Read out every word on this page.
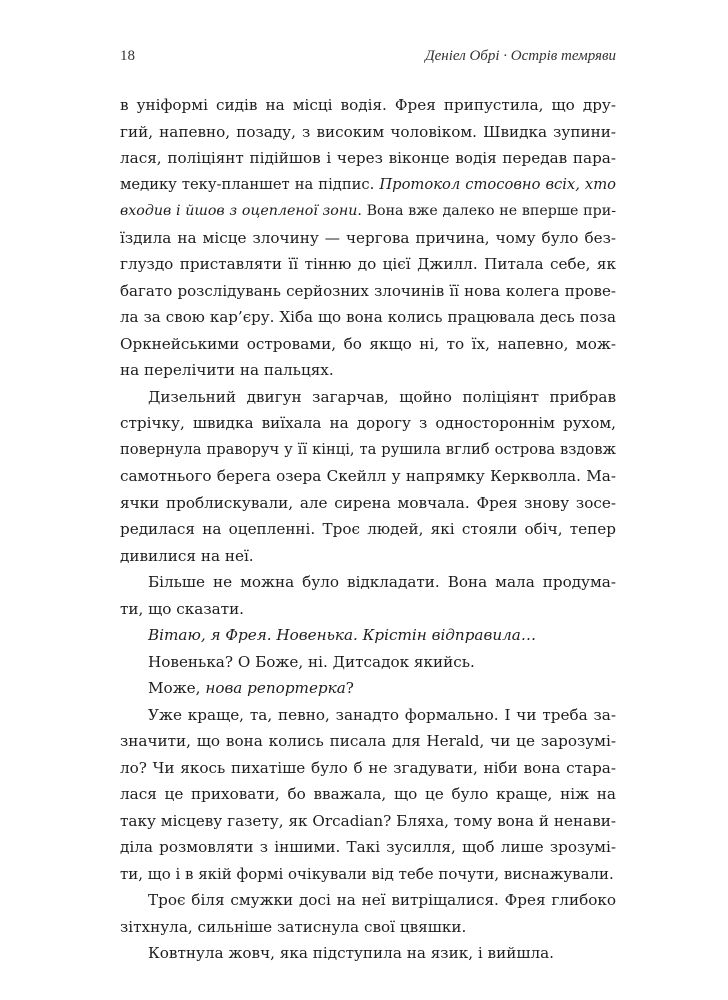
18	Деніел Обрі · Острів темряви
в уніформі сидів на місці водія. Фрея припустила, що дру-
гий, напевно, позаду, з високим чоловіком. Швидка зупини-
лася, поліціянт підійшов і через віконце водія передав пара-
медику теку-планшет на підпис. Протокол стосовно всіх, хто
входив і йшов з оцепленої зони. Вона вже далеко не вперше при-
їздила на місце злочину — чергова причина, чому було без-
глуздо приставляти її тінню до цієї Джилл. Питала себе, як
багато розслідувань серйозних злочинів її нова колега прове-
ла за свою кар’єру. Хіба що вона колись працювала десь поза
Оркнейськими островами, бо якщо ні, то їх, напевно, мож-
на перелічити на пальцях.
Дизельний двигун загарчав, щойно поліціянт прибрав
стрічку, швидка виїхала на дорогу з одностороннім рухом,
повернула праворуч у її кінці, та рушила вглиб острова вздовж
самотнього берега озера Скейлл у напрямку Керкволла. Ма-
ячки проблискували, але сирена мовчала. Фрея знову зосе-
редилася на оцепленні. Троє людей, які стояли обіч, тепер
дивилися на неї.
Більше не можна було відкладати. Вона мала продума-
ти, що сказати.
Вітаю, я Фрея. Новенька. Крістін відправила…
Новенька? О Боже, ні. Дитсадок якийсь.
Може, нова репортерка?
Уже краще, та, певно, занадто формально. І чи треба за-
значити, що вона колись писала для Herald, чи це зарозумі-
ло? Чи якось пихатіше було б не згадувати, ніби вона стара-
лася це приховати, бо вважала, що це було краще, ніж на
таку місцеву газету, як Orcadian? Бляха, тому вона й ненави-
діла розмовляти з іншими. Такі зусилля, щоб лише зрозумі-
ти, що і в якій формі очікували від тебе почути, виснажували.
Троє біля смужки досі на неї витріщалися. Фрея глибоко
зітхнула, сильніше затиснула свої цвяшки.
Ковтнула жовч, яка підступила на язик, і вийшла.
